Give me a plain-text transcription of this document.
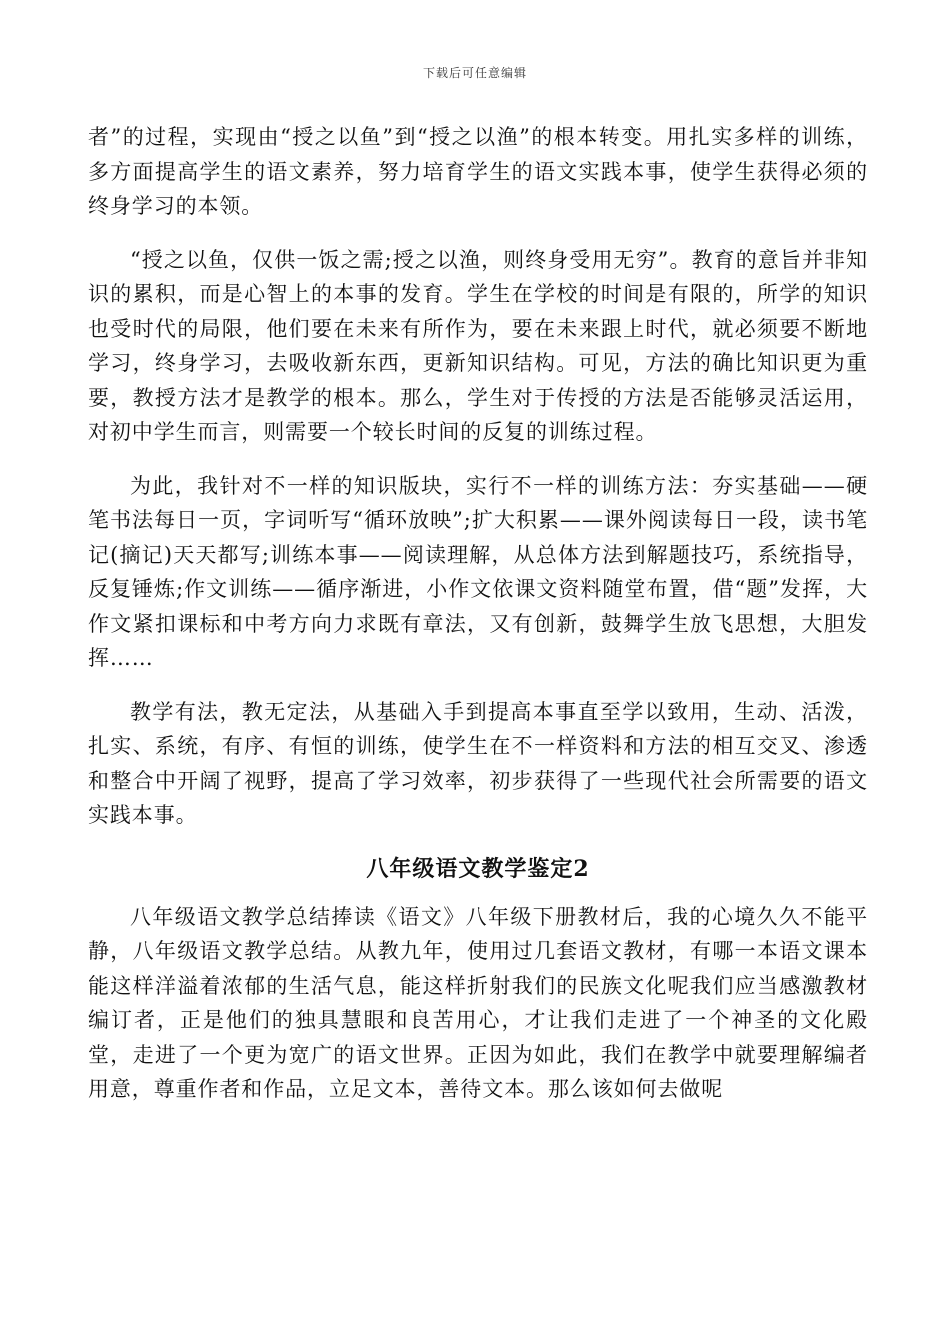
下载后可任意编辑

者”的过程，实现由“授之以鱼”到“授之以渔”的根本转变。用扎实多样的训练，多方面提高学生的语文素养，努力培育学生的语文实践本事，使学生获得必须的终身学习的本领。

“授之以鱼，仅供一饭之需;授之以渔，则终身受用无穷”。教育的意旨并非知识的累积，而是心智上的本事的发育。学生在学校的时间是有限的，所学的知识也受时代的局限，他们要在未来有所作为，要在未来跟上时代，就必须要不断地学习，终身学习，去吸收新东西，更新知识结构。可见，方法的确比知识更为重要，教授方法才是教学的根本。那么，学生对于传授的方法是否能够灵活运用，对初中学生而言，则需要一个较长时间的反复的训练过程。

为此，我针对不一样的知识版块，实行不一样的训练方法：夯实基础——硬笔书法每日一页，字词听写“循环放映”;扩大积累——课外阅读每日一段，读书笔记(摘记)天天都写;训练本事——阅读理解，从总体方法到解题技巧，系统指导，反复锤炼;作文训练——循序渐进，小作文依课文资料随堂布置，借“题”发挥，大作文紧扣课标和中考方向力求既有章法，又有创新，鼓舞学生放飞思想，大胆发挥……

教学有法，教无定法，从基础入手到提高本事直至学以致用，生动、活泼，扎实、系统，有序、有恒的训练，使学生在不一样资料和方法的相互交叉、渗透和整合中开阔了视野，提高了学习效率，初步获得了一些现代社会所需要的语文实践本事。

八年级语文教学鉴定2

八年级语文教学总结捧读《语文》八年级下册教材后，我的心境久久不能平静，八年级语文教学总结。从教九年，使用过几套语文教材，有哪一本语文课本能这样洋溢着浓郁的生活气息，能这样折射我们的民族文化呢我们应当感激教材编订者，正是他们的独具慧眼和良苦用心，才让我们走进了一个神圣的文化殿堂，走进了一个更为宽广的语文世界。正因为如此，我们在教学中就要理解编者用意，尊重作者和作品，立足文本，善待文本。那么该如何去做呢
